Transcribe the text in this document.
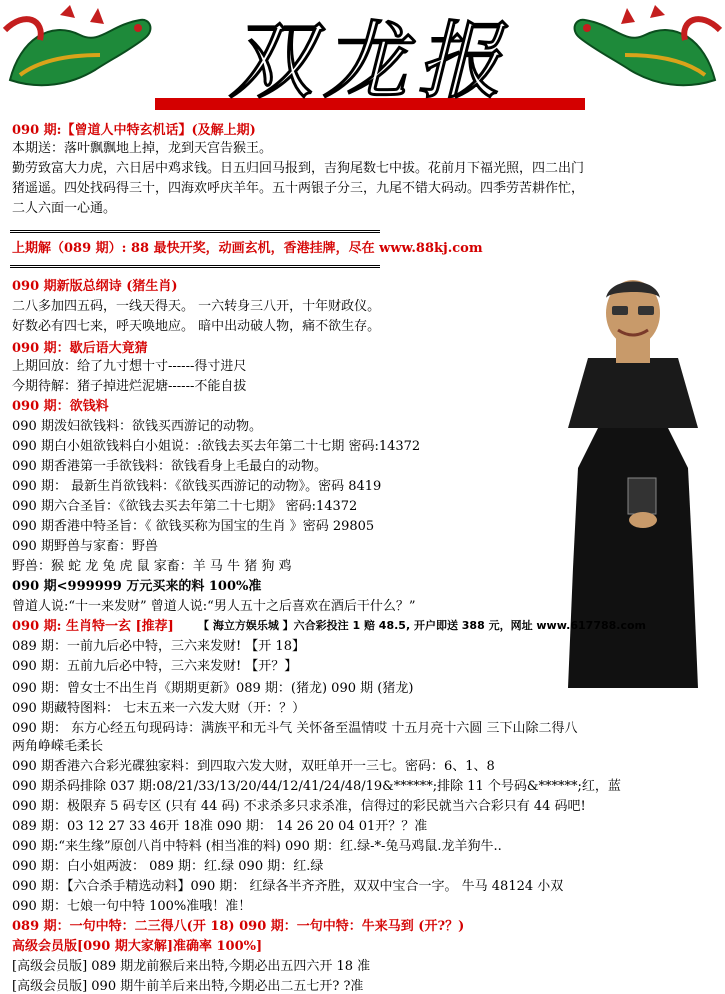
双龙报
【 海立方娱乐城 】六合彩投注 1 赔 48.5, 开户即送 388 元，网址 www.617788.com
090 期:【曾道人中特玄机话】(及解上期)
本期送：落叶飘飘地上掉，龙到天宫告猴王。
勤劳致富大力虎，六日居中鸡求钱。日五归回马报到，吉狗尾数七中拔。花前月下福光照，四二出门
猪遥遥。四处找码得三十，四海欢呼庆羊年。五十两银子分三，九尾不错大码动。四季劳苦耕作忙，
二人六面一心通。
上期解（089 期）: 88 最快开奖，动画玄机，香港挂牌，尽在 www.88kj.com
090 期新版总纲诗 (猪生肖)
二八多加四五码，一线天得天。 一六转身三八开，十年财政仪。
好数必有四七来，呼天唤地应。 暗中出动破人物，痛不欲生存。
090 期：歇后语大竟猜
上期回放：给了九寸想十寸------得寸进尺
今期待解：猪子掉进烂泥塘------不能自拔
090 期：欲钱料
090 期泼妇欲钱料：欲钱买西游记的动物。
090 期白小姐欲钱料白小姐说：:欲钱去买去年第二十七期 密码:14372
090 期香港第一手欲钱料：欲钱看身上毛最白的动物。
090 期： 最新生肖欲钱料：《欲钱买西游记的动物》。密码 8419
090 期六合圣旨：《欲钱去买去年第二十七期》 密码:14372
090 期香港中特圣旨：《 欲钱买称为国宝的生肖 》密码 29805
090 期野兽与家畜：野兽
野兽：猴 蛇 龙 兔 虎 鼠 家畜：羊 马 牛 猪 狗 鸡
090 期<999999 万元买来的料 100%准
曾道人说:“十一来发财” 曾道人说:“男人五十之后喜欢在酒后干什么？”
090 期: 生肖特一玄 [推荐]
089 期：一前九后必中特，三六来发财! 【开 18】
090 期：五前九后必中特，三六来发财! 【开？】
090 期：曾女士不出生肖《期期更新》089 期：(猪龙) 090 期 (猪龙)
090 期藏特图料： 七末五来一六发大财（开：？）
090 期： 东方心经五句现码诗：满族平和无斗气 关怀备至温情哎 十五月亮十六圆 三下山除二得八
两角峥嵘毛柔长
090 期香港六合彩光碟独家料：到四取六发大财，双旺单开一三七。密码：6、1、8
090 期杀码排除 037 期:08/21/33/13/20/44/12/41/24/48/19&******;排除 11 个号码&******;红，蓝
090 期：极限弃 5 码专区 (只有 44 码) 不求杀多只求杀准，信得过的彩民就当六合彩只有 44 码吧!
089 期：03 12 27 33 46开 18准 090 期： 14 26 20 04 01开？？准
090 期:“来生缘”原创八肖中特料 (相当准的料) 090 期：红.绿-*-兔马鸡鼠.龙羊狗牛..
090 期：白小姐两波： 089 期：红.绿 090 期：红.绿
090 期：【六合杀手精选动料】090 期： 红绿各半齐齐胜，双双中宝合一字。 牛马 48124 小双
090 期：七娘一句中特 100%准哦！准！
089 期：一句中特：二三得八(开 18) 090 期：一句中特：牛来马到 (开?？)
高级会员版[090 期大家解]准确率 100%]
[高级会员版] 089 期龙前猴后来出特,今期必出五四六开 18 准
[高级会员版] 090 期牛前羊后来出特,今期必出二五七开? ?准
